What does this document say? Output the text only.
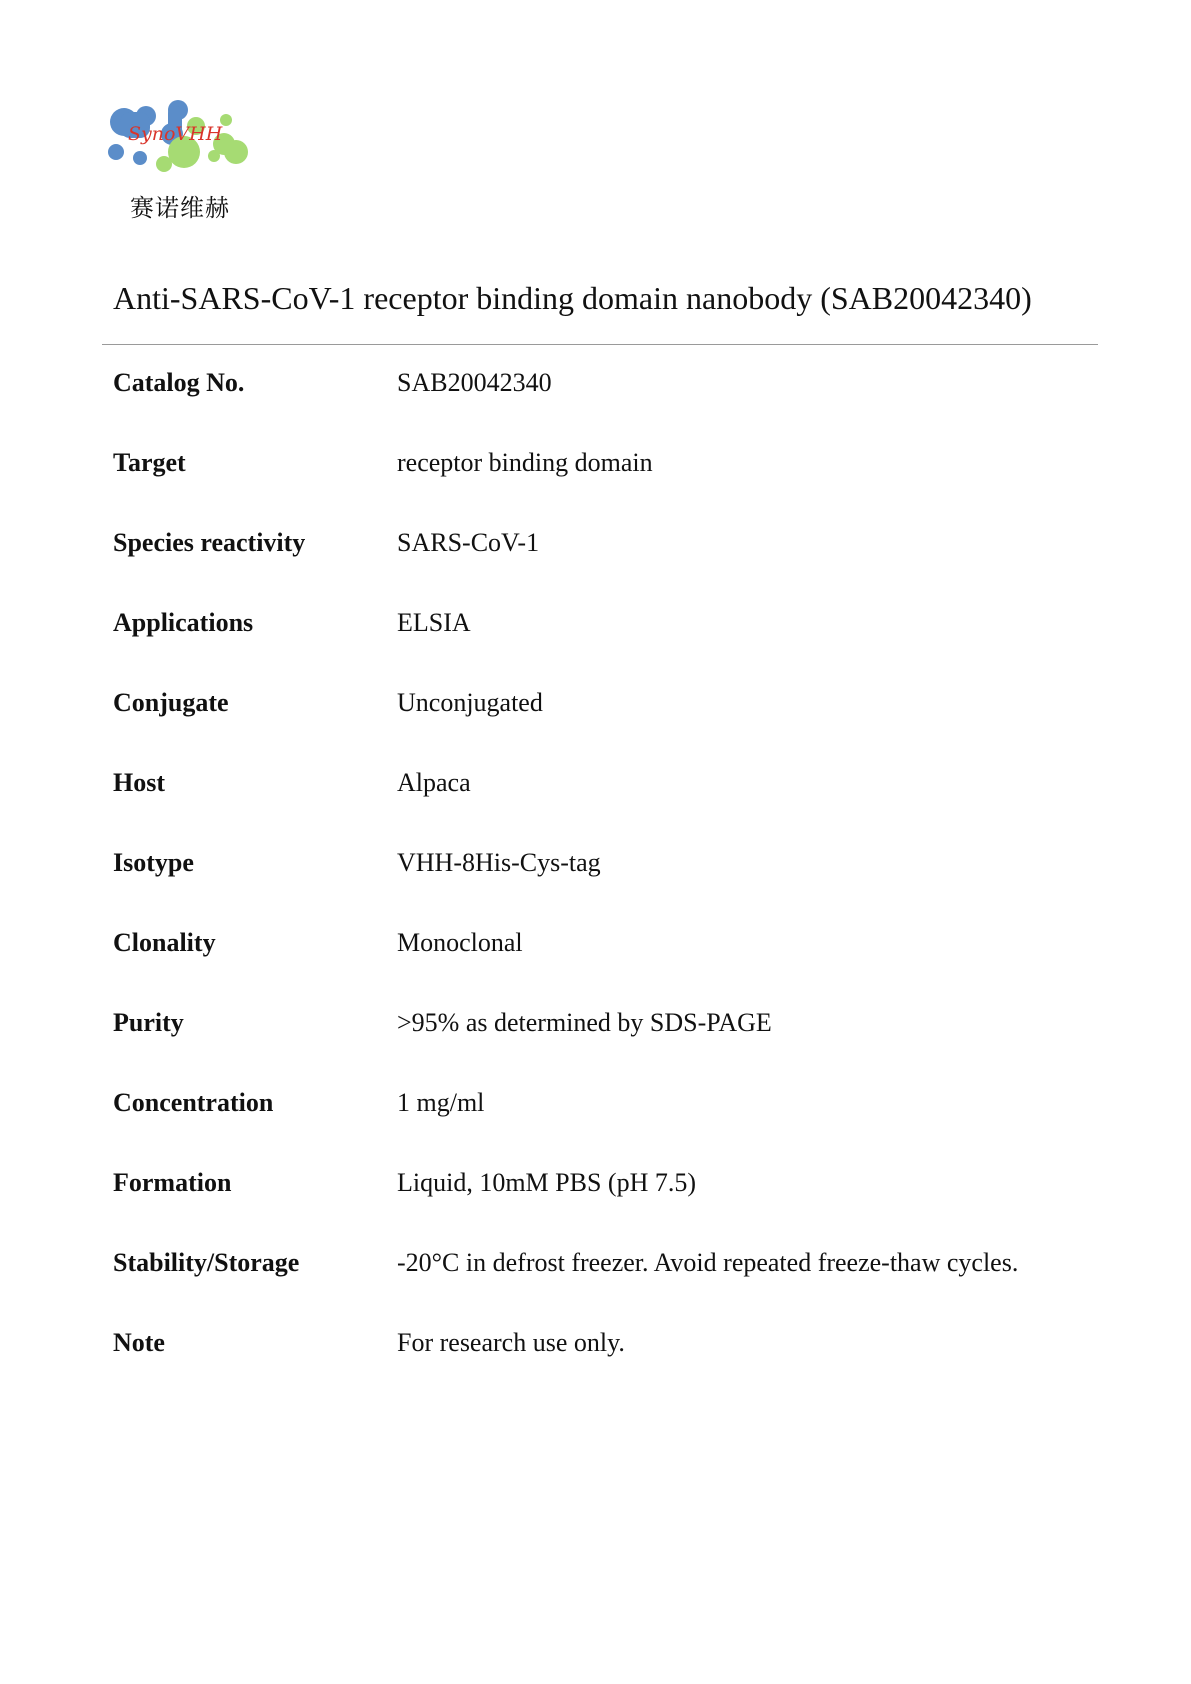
SynoVHH
赛诺维赫
Anti-SARS-CoV-1 receptor binding domain nanobody (SAB20042340)
Catalog No.	SAB20042340
Target	receptor binding domain
Species reactivity	SARS-CoV-1
Applications	ELSIA
Conjugate	Unconjugated
Host	Alpaca
Isotype	VHH-8His-Cys-tag
Clonality	Monoclonal
Purity	>95% as determined by SDS-PAGE
Concentration	1 mg/ml
Formation	Liquid, 10mM PBS (pH 7.5)
Stability/Storage	-20°C in defrost freezer. Avoid repeated freeze-thaw cycles.
Note	For research use only.
